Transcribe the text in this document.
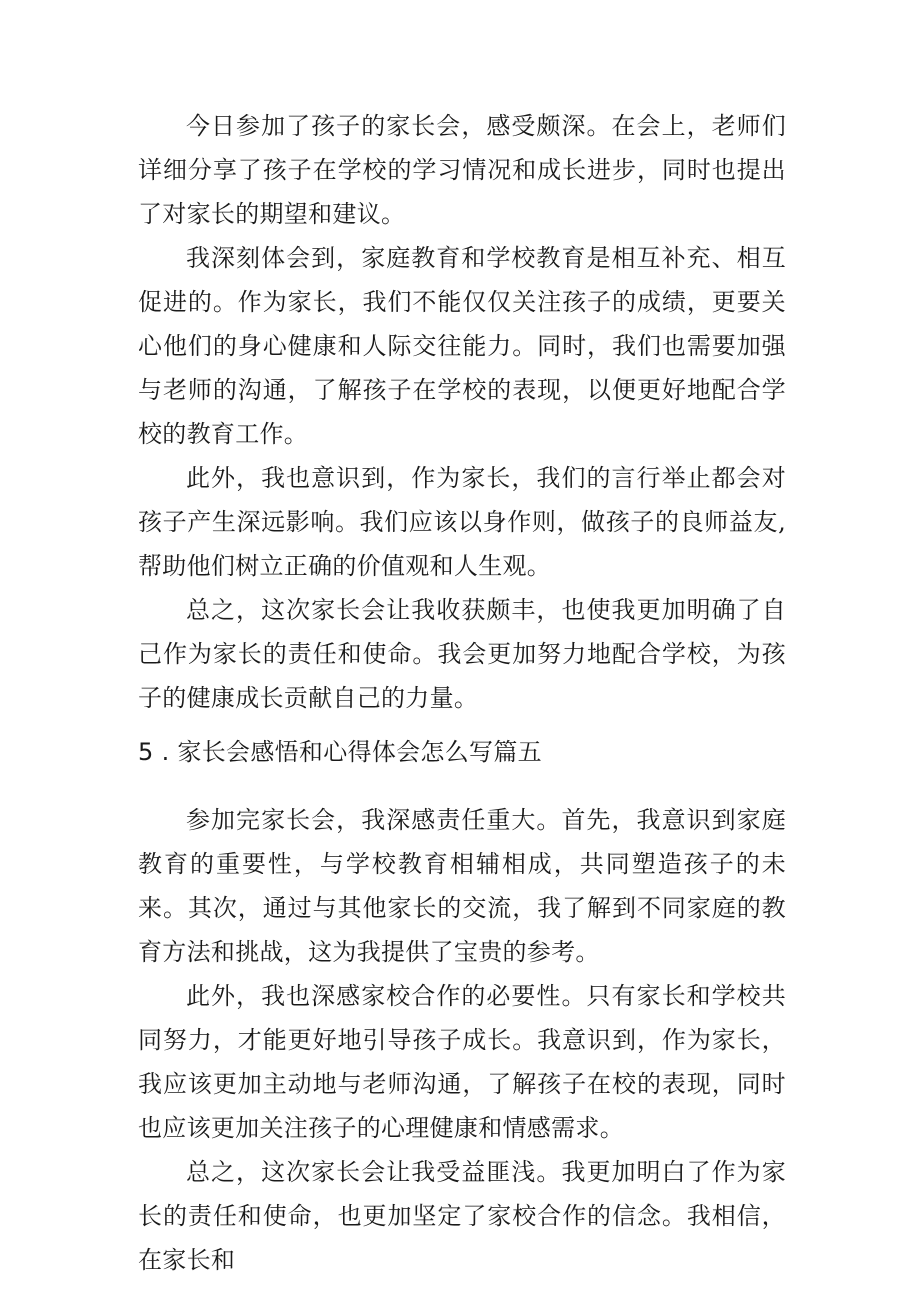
今日参加了孩子的家长会，感受颇深。在会上，老师们详细分享了孩子在学校的学习情况和成长进步，同时也提出了对家长的期望和建议。

我深刻体会到，家庭教育和学校教育是相互补充、相互促进的。作为家长，我们不能仅仅关注孩子的成绩，更要关心他们的身心健康和人际交往能力。同时，我们也需要加强与老师的沟通，了解孩子在学校的表现，以便更好地配合学校的教育工作。

此外，我也意识到，作为家长，我们的言行举止都会对孩子产生深远影响。我们应该以身作则，做孩子的良师益友,帮助他们树立正确的价值观和人生观。

总之，这次家长会让我收获颇丰，也使我更加明确了自己作为家长的责任和使命。我会更加努力地配合学校，为孩子的健康成长贡献自己的力量。

5 . 家长会感悟和心得体会怎么写篇五

参加完家长会，我深感责任重大。首先，我意识到家庭教育的重要性，与学校教育相辅相成，共同塑造孩子的未来。其次，通过与其他家长的交流，我了解到不同家庭的教育方法和挑战，这为我提供了宝贵的参考。

此外，我也深感家校合作的必要性。只有家长和学校共同努力，才能更好地引导孩子成长。我意识到，作为家长，我应该更加主动地与老师沟通，了解孩子在校的表现，同时也应该更加关注孩子的心理健康和情感需求。

总之，这次家长会让我受益匪浅。我更加明白了作为家长的责任和使命，也更加坚定了家校合作的信念。我相信，在家长和
